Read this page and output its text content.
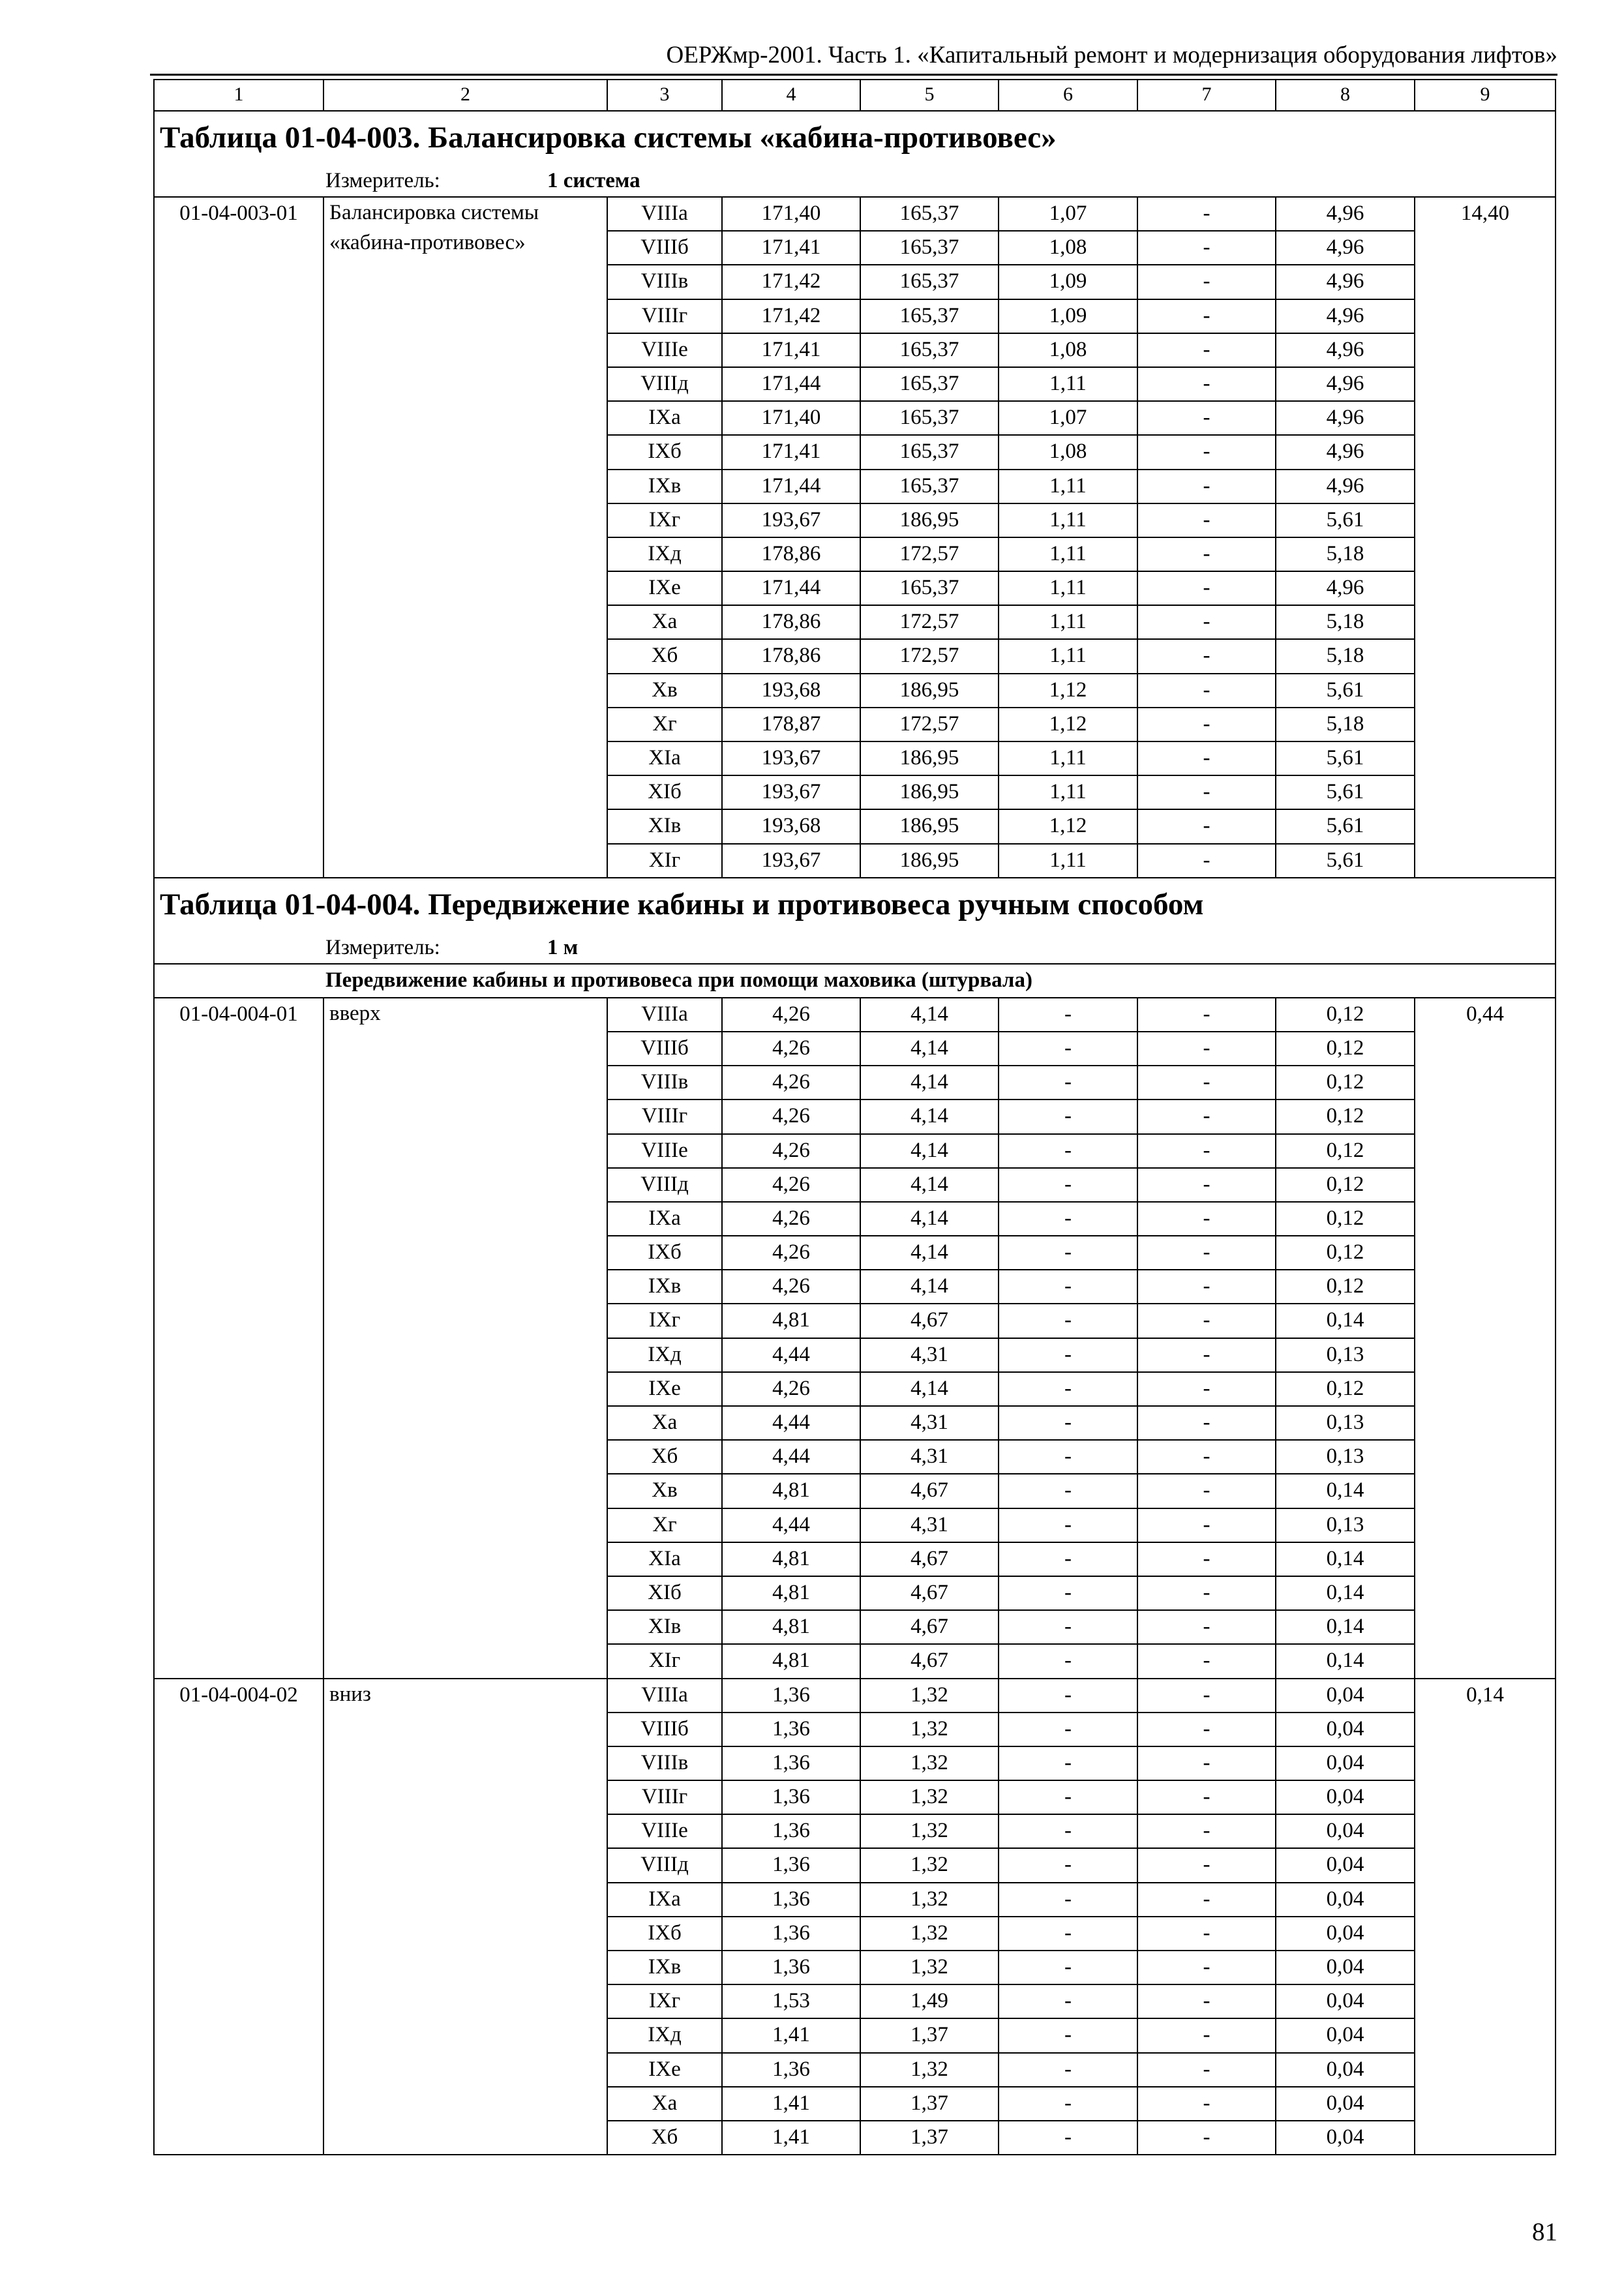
ОЕРЖмр-2001. Часть 1. «Капитальный ремонт и модернизация оборудования лифтов»
1	2	3	4	5	6	7	8	9
Таблица 01-04-003. Балансировка системы «кабина-противовес»								
Измеритель: 1 система								
01-04-003-01	Балансировка системы «кабина-противовес»	VIIIа	171,40	165,37	1,07	-	4,96	14,40
		VIIIб	171,41	165,37	1,08	-	4,96	
		VIIIв	171,42	165,37	1,09	-	4,96	
		VIIIг	171,42	165,37	1,09	-	4,96	
		VIIIе	171,41	165,37	1,08	-	4,96	
		VIIIд	171,44	165,37	1,11	-	4,96	
		IХа	171,40	165,37	1,07	-	4,96	
		IХб	171,41	165,37	1,08	-	4,96	
		IХв	171,44	165,37	1,11	-	4,96	
		IХг	193,67	186,95	1,11	-	5,61	
		IХд	178,86	172,57	1,11	-	5,18	
		IХе	171,44	165,37	1,11	-	4,96	
		Ха	178,86	172,57	1,11	-	5,18	
		Хб	178,86	172,57	1,11	-	5,18	
		Хв	193,68	186,95	1,12	-	5,61	
		Хг	178,87	172,57	1,12	-	5,18	
		ХIа	193,67	186,95	1,11	-	5,61	
		ХIб	193,67	186,95	1,11	-	5,61	
		ХIв	193,68	186,95	1,12	-	5,61	
		ХIг	193,67	186,95	1,11	-	5,61	
Таблица 01-04-004. Передвижение кабины и противовеса ручным способом								
Измеритель: 1 м								
Передвижение кабины и противовеса при помощи маховика (штурвала)								
01-04-004-01	вверх	VIIIа	4,26	4,14	-	-	0,12	0,44
		VIIIб	4,26	4,14	-	-	0,12	
		VIIIв	4,26	4,14	-	-	0,12	
		VIIIг	4,26	4,14	-	-	0,12	
		VIIIе	4,26	4,14	-	-	0,12	
		VIIIд	4,26	4,14	-	-	0,12	
		IХа	4,26	4,14	-	-	0,12	
		IХб	4,26	4,14	-	-	0,12	
		IХв	4,26	4,14	-	-	0,12	
		IХг	4,81	4,67	-	-	0,14	
		IХд	4,44	4,31	-	-	0,13	
		IХе	4,26	4,14	-	-	0,12	
		Ха	4,44	4,31	-	-	0,13	
		Хб	4,44	4,31	-	-	0,13	
		Хв	4,81	4,67	-	-	0,14	
		Хг	4,44	4,31	-	-	0,13	
		ХIа	4,81	4,67	-	-	0,14	
		ХIб	4,81	4,67	-	-	0,14	
		ХIв	4,81	4,67	-	-	0,14	
		ХIг	4,81	4,67	-	-	0,14	
01-04-004-02	вниз	VIIIа	1,36	1,32	-	-	0,04	0,14
		VIIIб	1,36	1,32	-	-	0,04	
		VIIIв	1,36	1,32	-	-	0,04	
		VIIIг	1,36	1,32	-	-	0,04	
		VIIIе	1,36	1,32	-	-	0,04	
		VIIIд	1,36	1,32	-	-	0,04	
		IХа	1,36	1,32	-	-	0,04	
		IХб	1,36	1,32	-	-	0,04	
		IХв	1,36	1,32	-	-	0,04	
		IХг	1,53	1,49	-	-	0,04	
		IХд	1,41	1,37	-	-	0,04	
		IХе	1,36	1,32	-	-	0,04	
		Ха	1,41	1,37	-	-	0,04	
		Хб	1,41	1,37	-	-	0,04	
81
